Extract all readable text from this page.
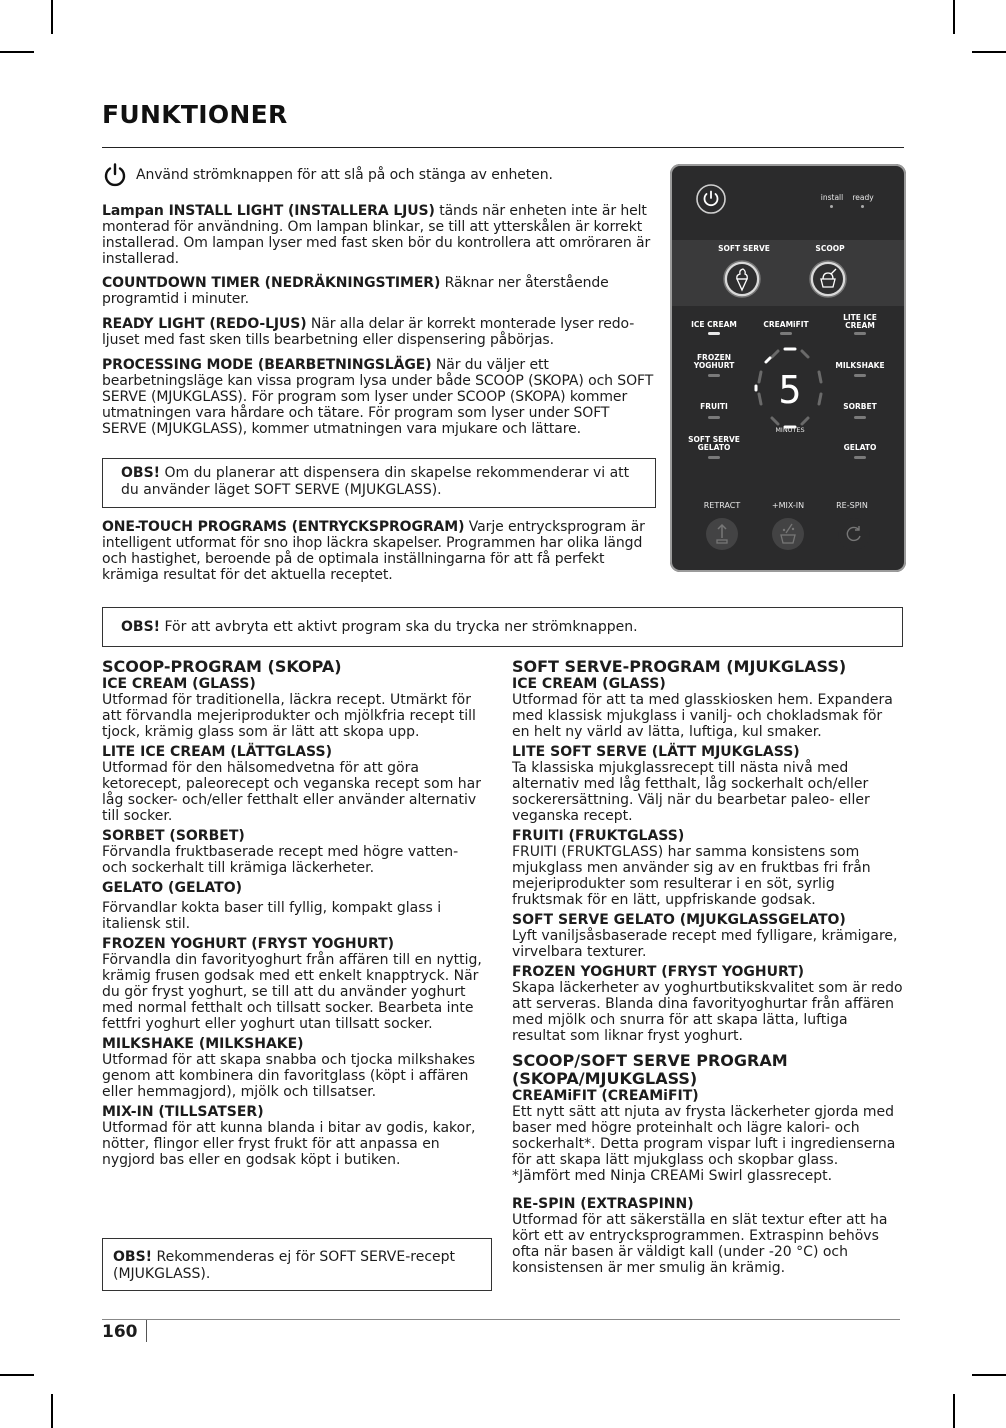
FUNKTIONER
Använd strömknappen för att slå på och stänga av enheten.

Lampan INSTALL LIGHT (INSTALLERA LJUS) tänds när enheten inte är helt monterad för användning. Om lampan blinkar, se till att ytterskålen är korrekt installerad. Om lampan lyser med fast sken bör du kontrollera att omröraren är installerad.

COUNTDOWN TIMER (NEDRÄKNINGSTIMER) Räknar ner återstående programtid i minuter.

READY LIGHT (REDO-LJUS) När alla delar är korrekt monterade lyser redo-ljuset med fast sken tills bearbetning eller dispensering påbörjas.

PROCESSING MODE (BEARBETNINGSLÄGE) När du väljer ett bearbetningsläge kan vissa program lysa under både SCOOP (SKOPA) och SOFT SERVE (MJUKGLASS). För program som lyser under SCOOP (SKOPA) kommer utmatningen vara hårdare och tätare. För program som lyser under SOFT SERVE (MJUKGLASS), kommer utmatningen vara mjukare och lättare.

OBS! Om du planerar att dispensera din skapelse rekommenderar vi att du använder läget SOFT SERVE (MJUKGLASS).

ONE-TOUCH PROGRAMS (ENTRYCKSPROGRAM) Varje entrycksprogram är intelligent utformat för sno ihop läckra skapelser. Programmen har olika längd och hastighet, beroende på de optimala inställningarna för att få perfekt krämiga resultat för det aktuella receptet.

OBS! För att avbryta ett aktivt program ska du trycka ner strömknappen.
install	ready
SOFT SERVE	SCOOP
ICE CREAM	CREAMiFIT
LITE ICE
CREAM
FROZEN
YOGHURT	MILKSHAKE
FRUITI	SORBET
SOFT SERVE
GELATO	GELATO
5
MINUTES
RETRACT	+MIX-IN	RE-SPIN
SCOOP-PROGRAM (SKOPA)
ICE CREAM (GLASS)

Utformad för traditionella, läckra recept. Utmärkt för att förvandla mejeriprodukter och mjölkfria recept till tjock, krämig glass som är lätt att skopa upp.

LITE ICE CREAM (LÄTTGLASS)

Utformad för den hälsomedvetna för att göra ketorecept, paleorecept och veganska recept som har låg socker- och/eller fetthalt eller använder alternativ till socker.

SORBET (SORBET)

Förvandla fruktbaserade recept med högre vatten- och sockerhalt till krämiga läckerheter.

GELATO (GELATO)

Förvandlar kokta baser till fyllig, kompakt glass i italiensk stil.

FROZEN YOGHURT (FRYST YOGHURT)

Förvandla din favorityoghurt från affären till en nyttig, krämig frusen godsak med ett enkelt knapptryck. När du gör fryst yoghurt, se till att du använder yoghurt med normal fetthalt och tillsatt socker. Bearbeta inte fettfri yoghurt eller yoghurt utan tillsatt socker.

MILKSHAKE (MILKSHAKE)

Utformad för att skapa snabba och tjocka milkshakes genom att kombinera din favoritglass (köpt i affären eller hemmagjord), mjölk och tillsatser.

MIX-IN (TILLSATSER)

Utformad för att kunna blanda i bitar av godis, kakor, nötter, flingor eller fryst frukt för att anpassa en nygjord bas eller en godsak köpt i butiken.

OBS! Rekommenderas ej för SOFT SERVE-recept (MJUKGLASS).
SOFT SERVE-PROGRAM (MJUKGLASS)
ICE CREAM (GLASS)

Utformad för att ta med glasskiosken hem. Expandera med klassisk mjukglass i vanilj- och chokladsmak för en helt ny värld av lätta, luftiga, kul smaker.

LITE SOFT SERVE (LÄTT MJUKGLASS)

Ta klassiska mjukglassrecept till nästa nivå med alternativ med låg fetthalt, låg sockerhalt och/eller sockerersättning. Välj när du bearbetar paleo- eller veganska recept.

FRUITI (FRUKTGLASS)

FRUITI (FRUKTGLASS) har samma konsistens som mjukglass men använder sig av en fruktbas fri från mejeriprodukter som resulterar i en söt, syrlig fruktsmak för en lätt, uppfriskande godsak.

SOFT SERVE GELATO (MJUKGLASSGELATO)

Lyft vaniljsåsbaserade recept med fylligare, krämigare, virvelbara texturer.

FROZEN YOGHURT (FRYST YOGHURT)

Skapa läckerheter av yoghurtbutikskvalitet som är redo att serveras. Blanda dina favorityoghurtar från affären med mjölk och snurra för att skapa lätta, luftiga resultat som liknar fryst yoghurt.

SCOOP/SOFT SERVE PROGRAM (SKOPA/MJUKGLASS)
CREAMiFIT (CREAMiFIT)

Ett nytt sätt att njuta av frysta läckerheter gjorda med baser med högre proteinhalt och lägre kalori- och sockerhalt*. Detta program vispar luft i ingredienserna för att skapa lätt mjukglass och skopbar glass.

*Jämfört med Ninja CREAMi Swirl glassrecept.

RE-SPIN (EXTRASPINN)

Utformad för att säkerställa en slät textur efter att ha kört ett av entrycksprogrammen. Extraspinn behövs ofta när basen är väldigt kall (under -20 °C) och konsistensen är mer smulig än krämig.

160
